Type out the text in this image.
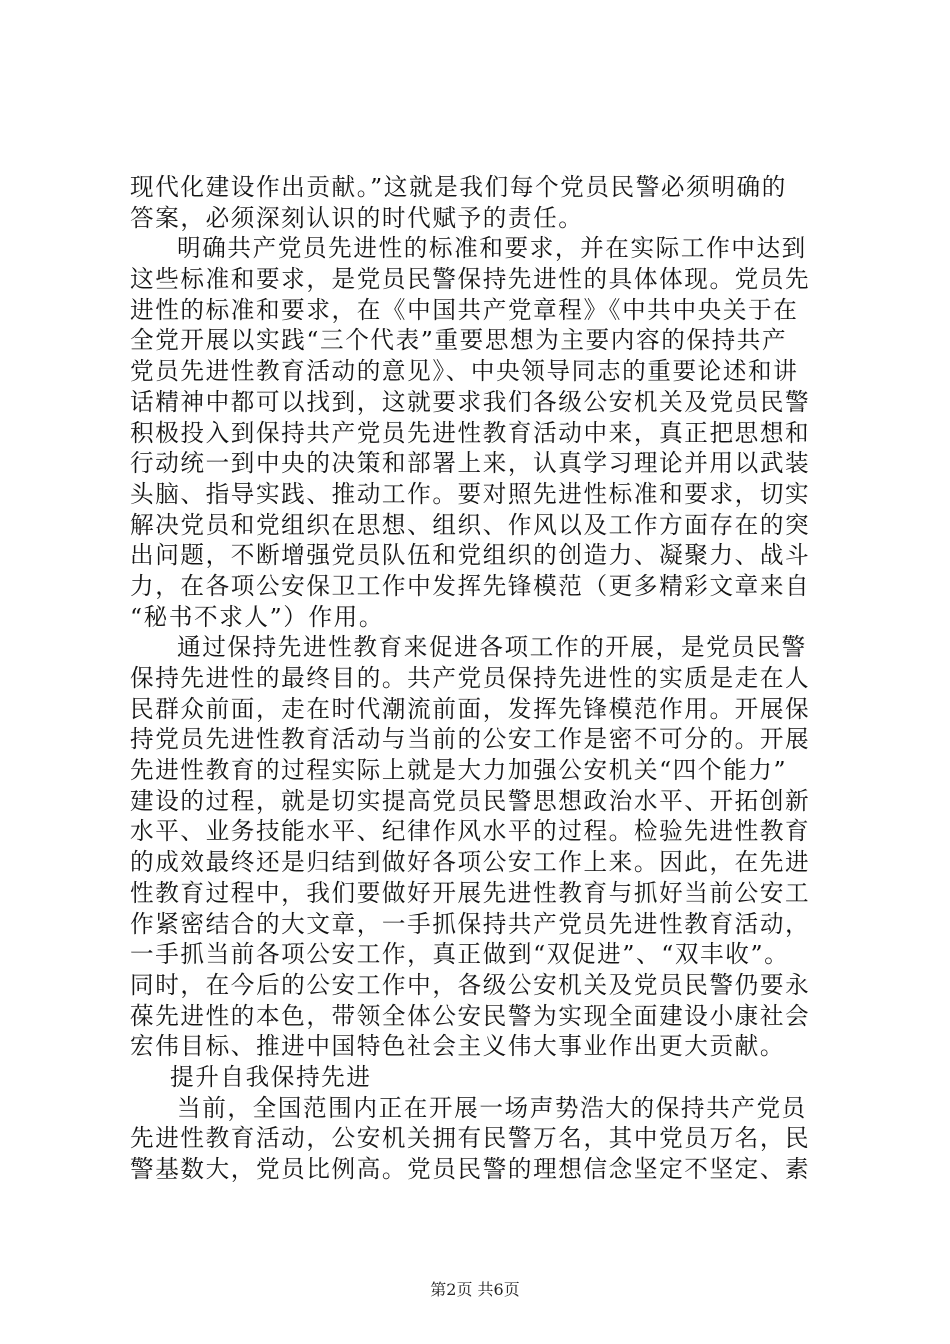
现代化建设作出贡献。”这就是我们每个党员民警必须明确的
答案，必须深刻认识的时代赋予的责任。
明确共产党员先进性的标准和要求，并在实际工作中达到
这些标准和要求，是党员民警保持先进性的具体体现。党员先
进性的标准和要求，在《中国共产党章程》《中共中央关于在
全党开展以实践“三个代表”重要思想为主要内容的保持共产
党员先进性教育活动的意见》、中央领导同志的重要论述和讲
话精神中都可以找到，这就要求我们各级公安机关及党员民警
积极投入到保持共产党员先进性教育活动中来，真正把思想和
行动统一到中央的决策和部署上来，认真学习理论并用以武装
头脑、指导实践、推动工作。要对照先进性标准和要求，切实
解决党员和党组织在思想、组织、作风以及工作方面存在的突
出问题，不断增强党员队伍和党组织的创造力、凝聚力、战斗
力，在各项公安保卫工作中发挥先锋模范（更多精彩文章来自
“秘书不求人”）作用。
通过保持先进性教育来促进各项工作的开展，是党员民警
保持先进性的最终目的。共产党员保持先进性的实质是走在人
民群众前面，走在时代潮流前面，发挥先锋模范作用。开展保
持党员先进性教育活动与当前的公安工作是密不可分的。开展
先进性教育的过程实际上就是大力加强公安机关“四个能力”
建设的过程，就是切实提高党员民警思想政治水平、开拓创新
水平、业务技能水平、纪律作风水平的过程。检验先进性教育
的成效最终还是归结到做好各项公安工作上来。因此，在先进
性教育过程中，我们要做好开展先进性教育与抓好当前公安工
作紧密结合的大文章，一手抓保持共产党员先进性教育活动，
一手抓当前各项公安工作，真正做到“双促进”、“双丰收”。
同时，在今后的公安工作中，各级公安机关及党员民警仍要永
葆先进性的本色，带领全体公安民警为实现全面建设小康社会
宏伟目标、推进中国特色社会主义伟大事业作出更大贡献。
提升自我保持先进
当前，全国范围内正在开展一场声势浩大的保持共产党员
先进性教育活动，公安机关拥有民警万名，其中党员万名，民
警基数大，党员比例高。党员民警的理想信念坚定不坚定、素
第2页 共6页
